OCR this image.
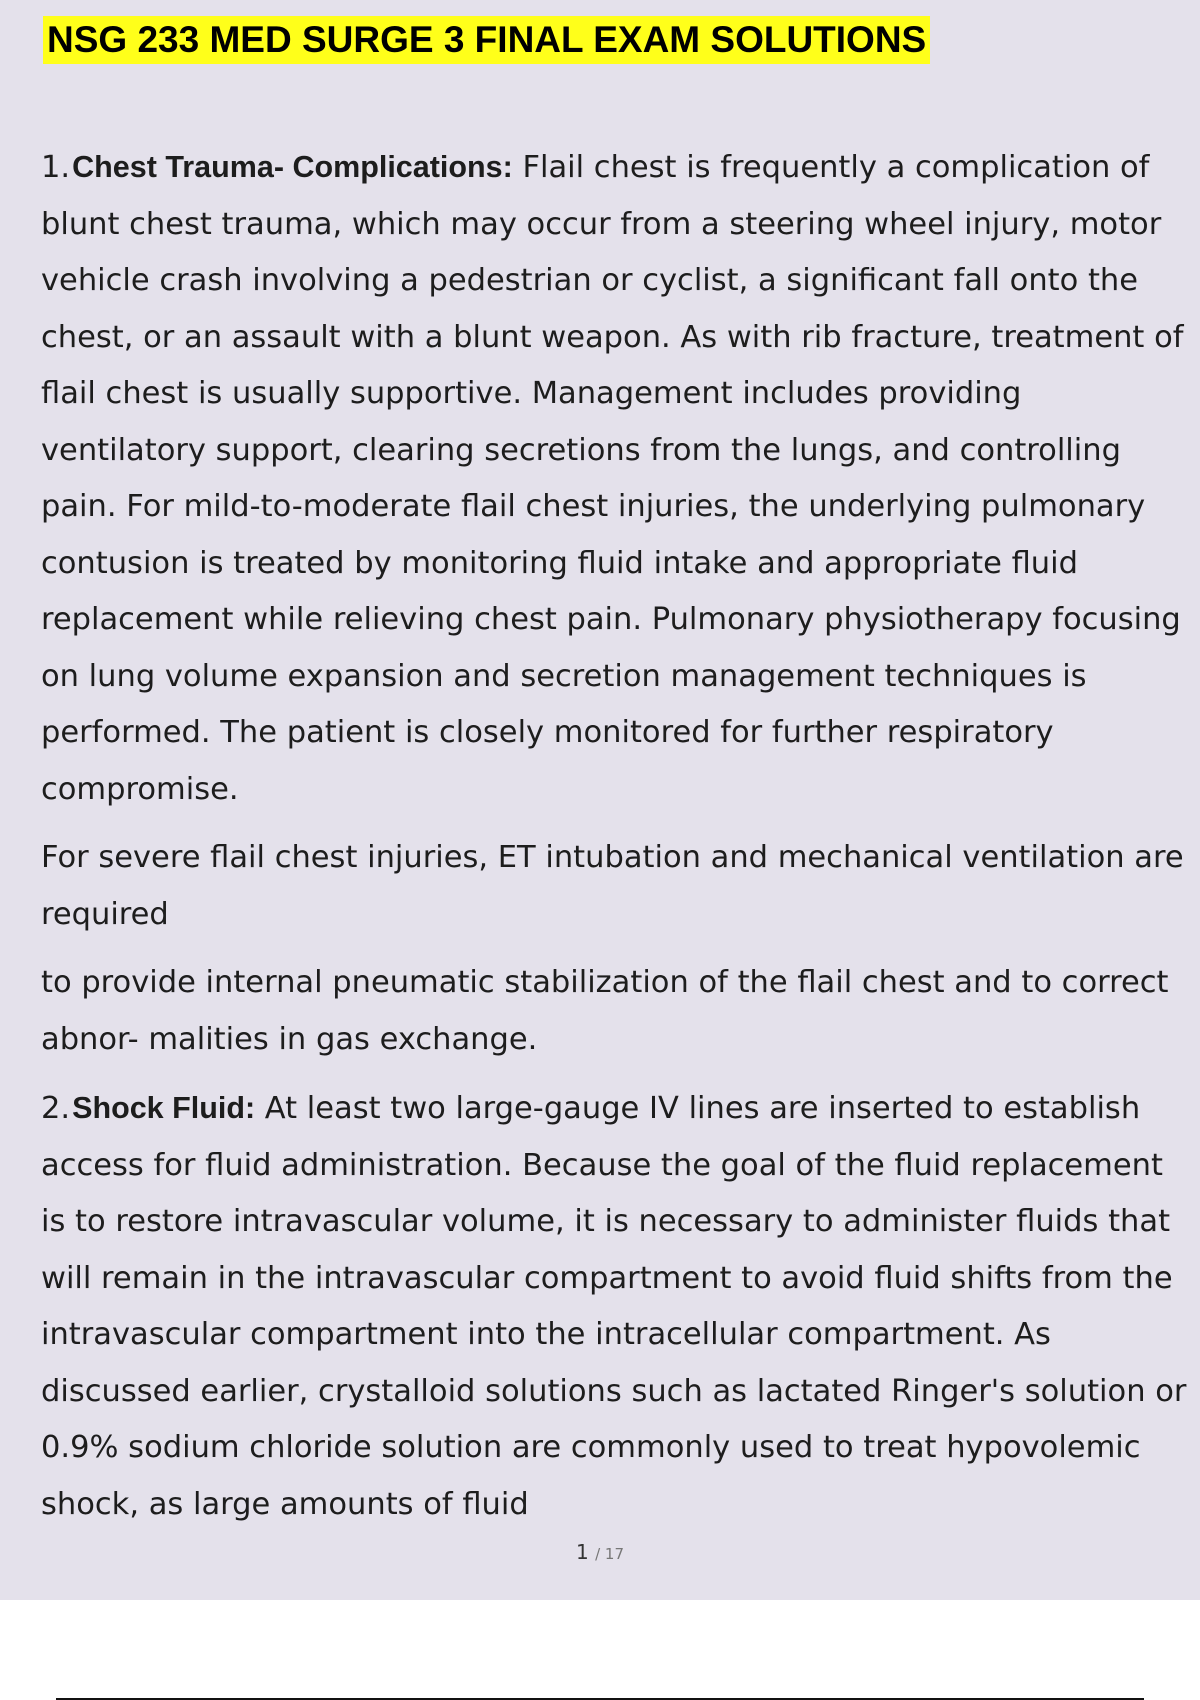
NSG 233 MED SURGE 3 FINAL EXAM SOLUTIONS

1.Chest Trauma- Complications: Flail chest is frequently a complication of blunt chest trauma, which may occur from a steering wheel injury, motor vehicle crash involving a pedestrian or cyclist, a significant fall onto the chest, or an assault with a blunt weapon. As with rib fracture, treatment of flail chest is usually supportive. Management includes providing ventilatory support, clearing secretions from the lungs, and controlling pain. For mild-to-moderate flail chest injuries, the underlying pulmonary contusion is treated by monitoring fluid intake and appropriate fluid replacement while relieving chest pain. Pulmonary physiotherapy focusing on lung volume expansion and secretion management techniques is performed. The patient is closely monitored for further respiratory compromise.

For severe flail chest injuries, ET intubation and mechanical ventilation are required

to provide internal pneumatic stabilization of the flail chest and to correct abnor- malities in gas exchange.

2.Shock Fluid: At least two large-gauge IV lines are inserted to establish access for fluid administration. Because the goal of the fluid replacement is to restore intravascular volume, it is necessary to administer fluids that will remain in the intravascular compartment to avoid fluid shifts from the intravascular compartment into the intracellular compartment. As discussed earlier, crystalloid solutions such as lactated Ringer's solution or 0.9% sodium chloride solution are commonly used to treat hypovolemic shock, as large amounts of fluid

1 / 17
